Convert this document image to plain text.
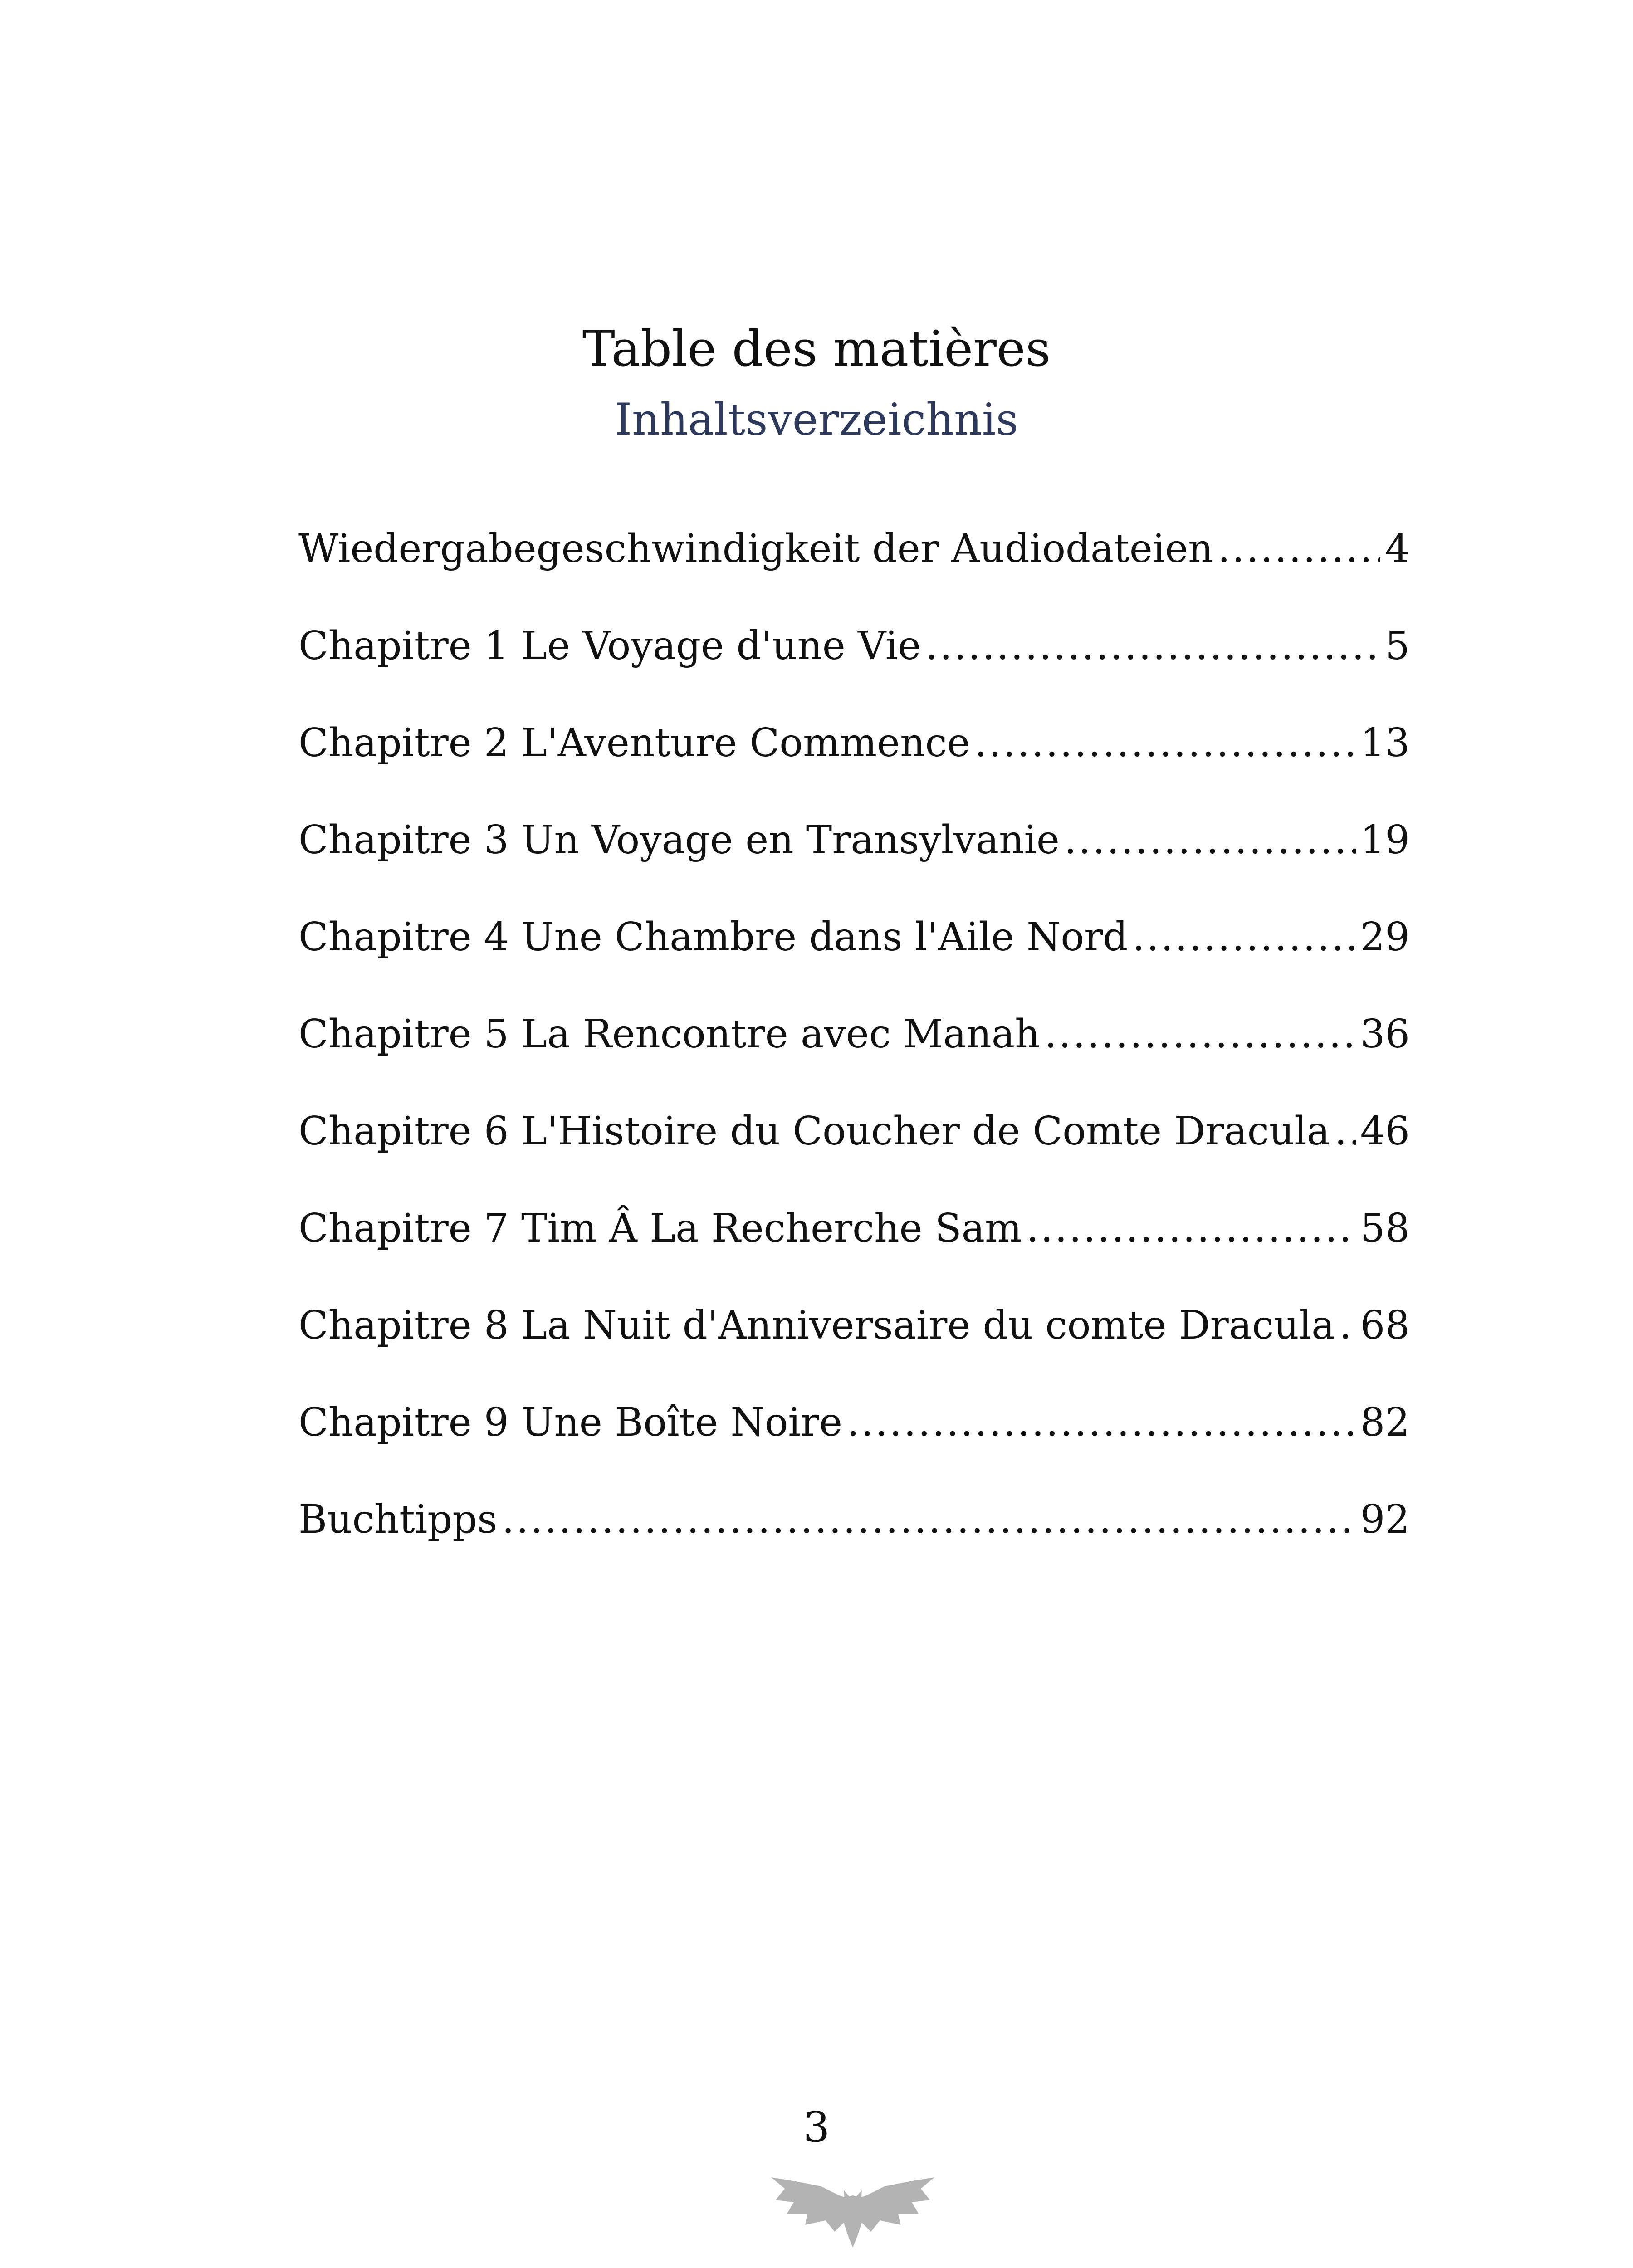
Table des matières
Inhaltsverzeichnis
Wiedergabegeschwindigkeit der Audiodateien .....	4
Chapitre 1 Le Voyage d'une Vie .....	5
Chapitre 2 L'Aventure Commence .....	13
Chapitre 3 Un Voyage en Transylvanie .....	19
Chapitre 4 Une Chambre dans l'Aile Nord .....	29
Chapitre 5 La Rencontre avec Manah .....	36
Chapitre 6 L'Histoire du Coucher de Comte Dracula ..... 46
Chapitre 7 Tim Â La Recherche Sam .....	58
Chapitre 8 La Nuit d'Anniversaire du comte Dracula ..... 68
Chapitre 9 Une Boîte Noire .....	82
Buchtipps .....	92
3
